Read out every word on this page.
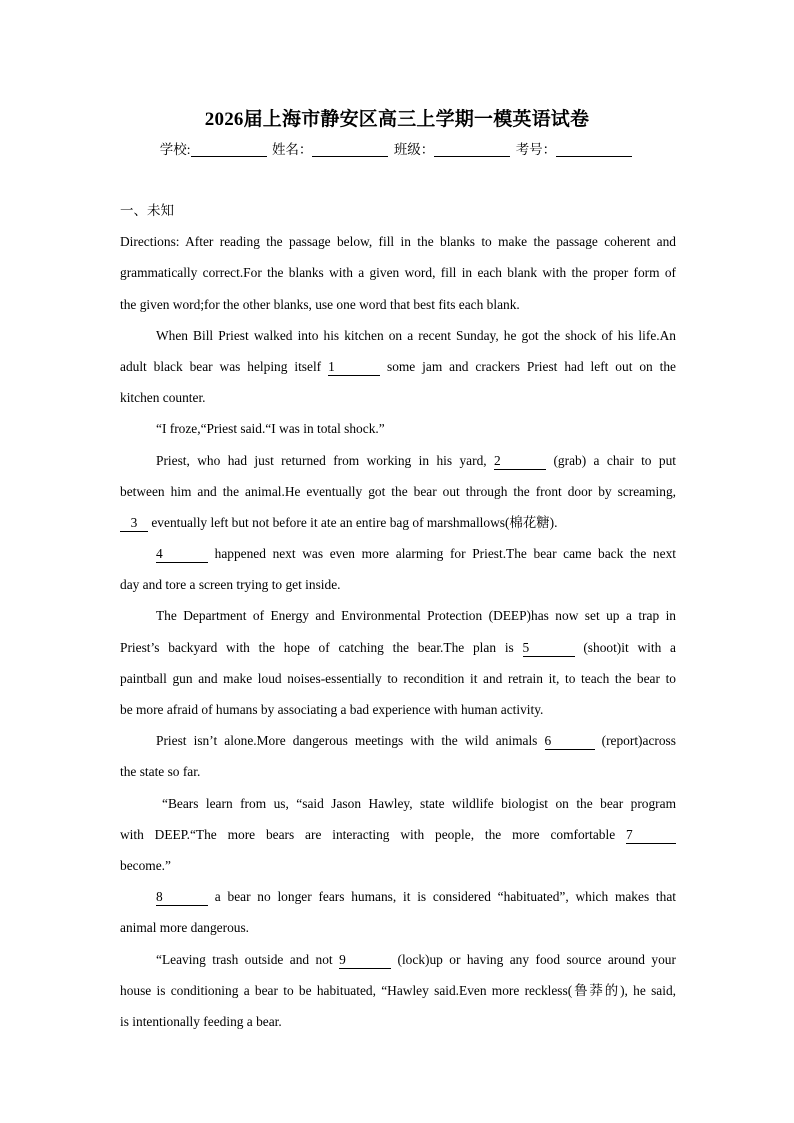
2026届上海市静安区高三上学期一模英语试卷
学校:	姓名：	班级：	考号：
一、未知
Directions: After reading the passage below, fill in the blanks to make the passage coherent and
grammatically correct.For the blanks with a given word, fill in each blank with the proper form of
the given word;for the other blanks, use one word that best fits each blank.
When Bill Priest walked into his kitchen on a recent Sunday, he got the shock of his life.An
adult black bear was helping itself 1	some jam and crackers Priest had left out on the
kitchen counter.
“I froze,“Priest said.“I was in total shock.”
Priest, who had just returned from working in his yard, 2	(grab) a chair to put
between him and the animal.He eventually got the bear out through the front door by screaming,
3 eventually left but not before it ate an entire bag of marshmallows(棉花糖).
4	happened next was even more alarming for Priest.The bear came back the next
day and tore a screen trying to get inside.
The Department of Energy and Environmental Protection (DEEP)has now set up a trap in
Priest’s backyard with the hope of catching the bear.The plan is 5	(shoot)it with a
paintball gun and make loud noises-essentially to recondition it and retrain it, to teach the bear to
be more afraid of humans by associating a bad experience with human activity.
Priest isn’t alone.More dangerous meetings with the wild animals 6	(report)across
the state so far.
“Bears learn from us, “said Jason Hawley, state wildlife biologist on the bear program
with DEEP.“The more bears are interacting with people, the more comfortable 7
become.”
8	a bear no longer fears humans, it is considered “habituated”, which makes that
animal more dangerous.
“Leaving trash outside and not 9	(lock)up or having any food source around your
house is conditioning a bear to be habituated, “Hawley said.Even more reckless(鲁莽的), he said,
is intentionally feeding a bear.
